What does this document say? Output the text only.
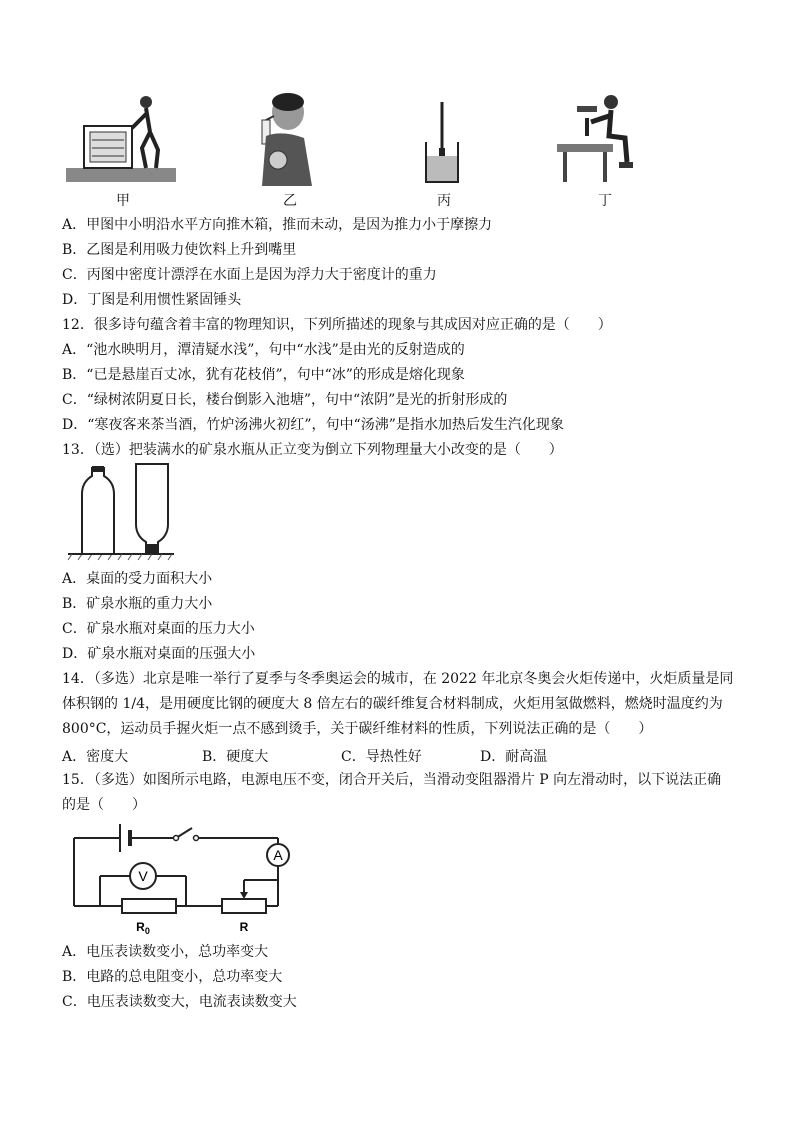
甲	乙	丙	丁
A．甲图中小明沿水平方向推木箱，推而未动，是因为推力小于摩擦力
B．乙图是利用吸力使饮料上升到嘴里
C．丙图中密度计漂浮在水面上是因为浮力大于密度计的重力
D．丁图是利用惯性紧固锤头
12．很多诗句蕴含着丰富的物理知识，下列所描述的现象与其成因对应正确的是（　　）
A．“池水映明月，潭清疑水浅”，句中“水浅”是由光的反射造成的
B．“已是悬崖百丈冰，犹有花枝俏”，句中“冰”的形成是熔化现象
C．“绿树浓阴夏日长，楼台倒影入池塘”，句中“浓阴”是光的折射形成的
D．“寒夜客来茶当酒，竹炉汤沸火初红”，句中“汤沸”是指水加热后发生汽化现象
13．（选）把装满水的矿泉水瓶从正立变为倒立下列物理量大小改变的是（　　）
A．桌面的受力面积大小
B．矿泉水瓶的重力大小
C．矿泉水瓶对桌面的压力大小
D．矿泉水瓶对桌面的压强大小
14．（多选）北京是唯一举行了夏季与冬季奥运会的城市，在 2022 年北京冬奥会火炬传递中，火炬质量是同
体积钢的 1/4，是用硬度比钢的硬度大 8 倍左右的碳纤维复合材料制成，火炬用氢做燃料，燃烧时温度约为
800°C，运动员手握火炬一点不感到烫手，关于碳纤维材料的性质，下列说法正确的是（　　）
A．密度大	B．硬度大	C．导热性好	D．耐高温
15．（多选）如图所示电路，电源电压不变，闭合开关后，当滑动变阻器滑片 P 向左滑动时，以下说法正确
的是（　　）
A
V
$R_0$	R
A．电压表读数变小，总功率变大
B．电路的总电阻变小，总功率变大
C．电压表读数变大，电流表读数变大
